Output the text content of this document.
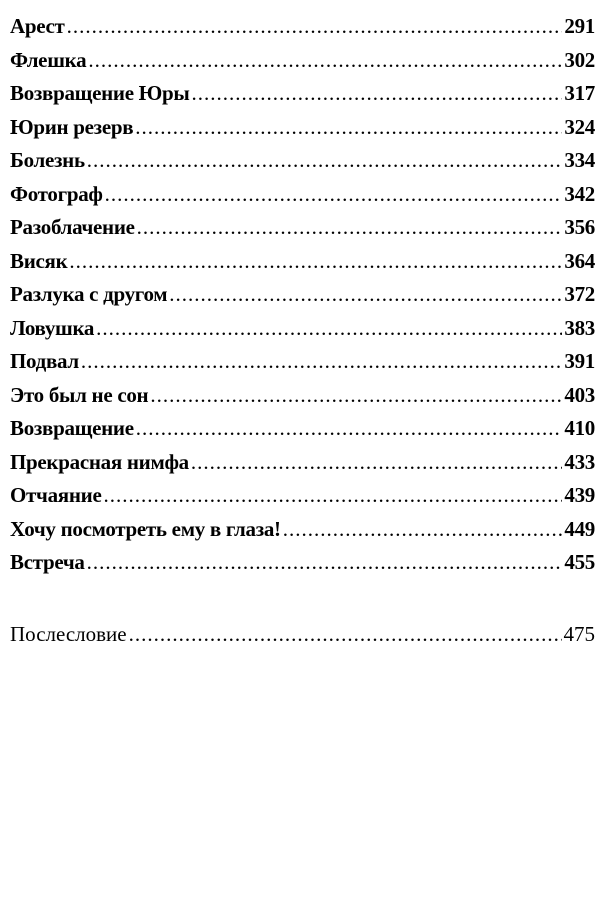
Арест .....	291
Флешка .....	302
Возвращение Юры .....	317
Юрин резерв .....	324
Болезнь .....	334
Фотограф .....	342
Разоблачение .....	356
Висяк .....	364
Разлука с другом .....	372
Ловушка .....	383
Подвал .....	391
Это был не сон .....	403
Возвращение .....	410
Прекрасная нимфа .....	433
Отчаяние .....	439
Хочу посмотреть ему в глаза! .....	449
Встреча .....	455
Послесловие .....	475
